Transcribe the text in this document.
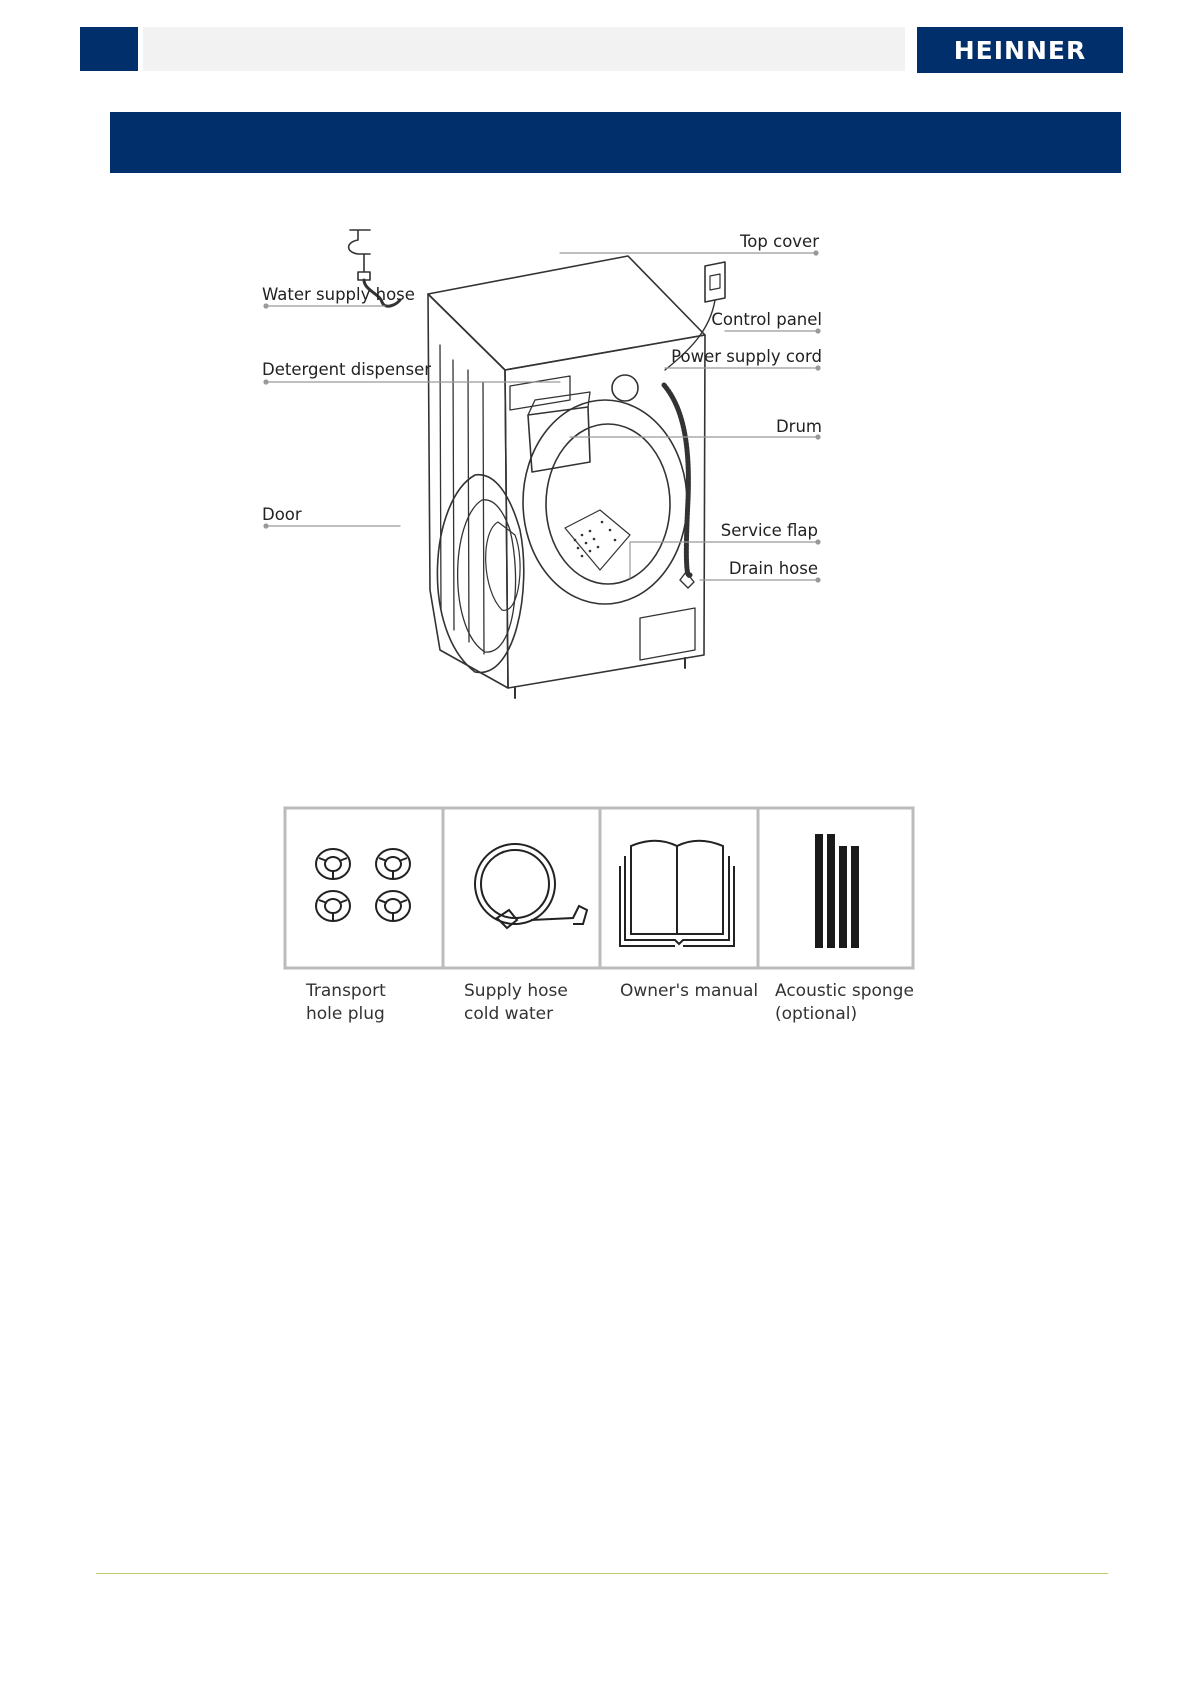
HEINNER
Top cover
Water supply hose
Control panel
Power supply cord
Detergent dispenser
Drum
Door
Service flap
Drain hose
Transport
hole plug
Supply hose
cold water
Owner's manual Acoustic sponge
(optional)
